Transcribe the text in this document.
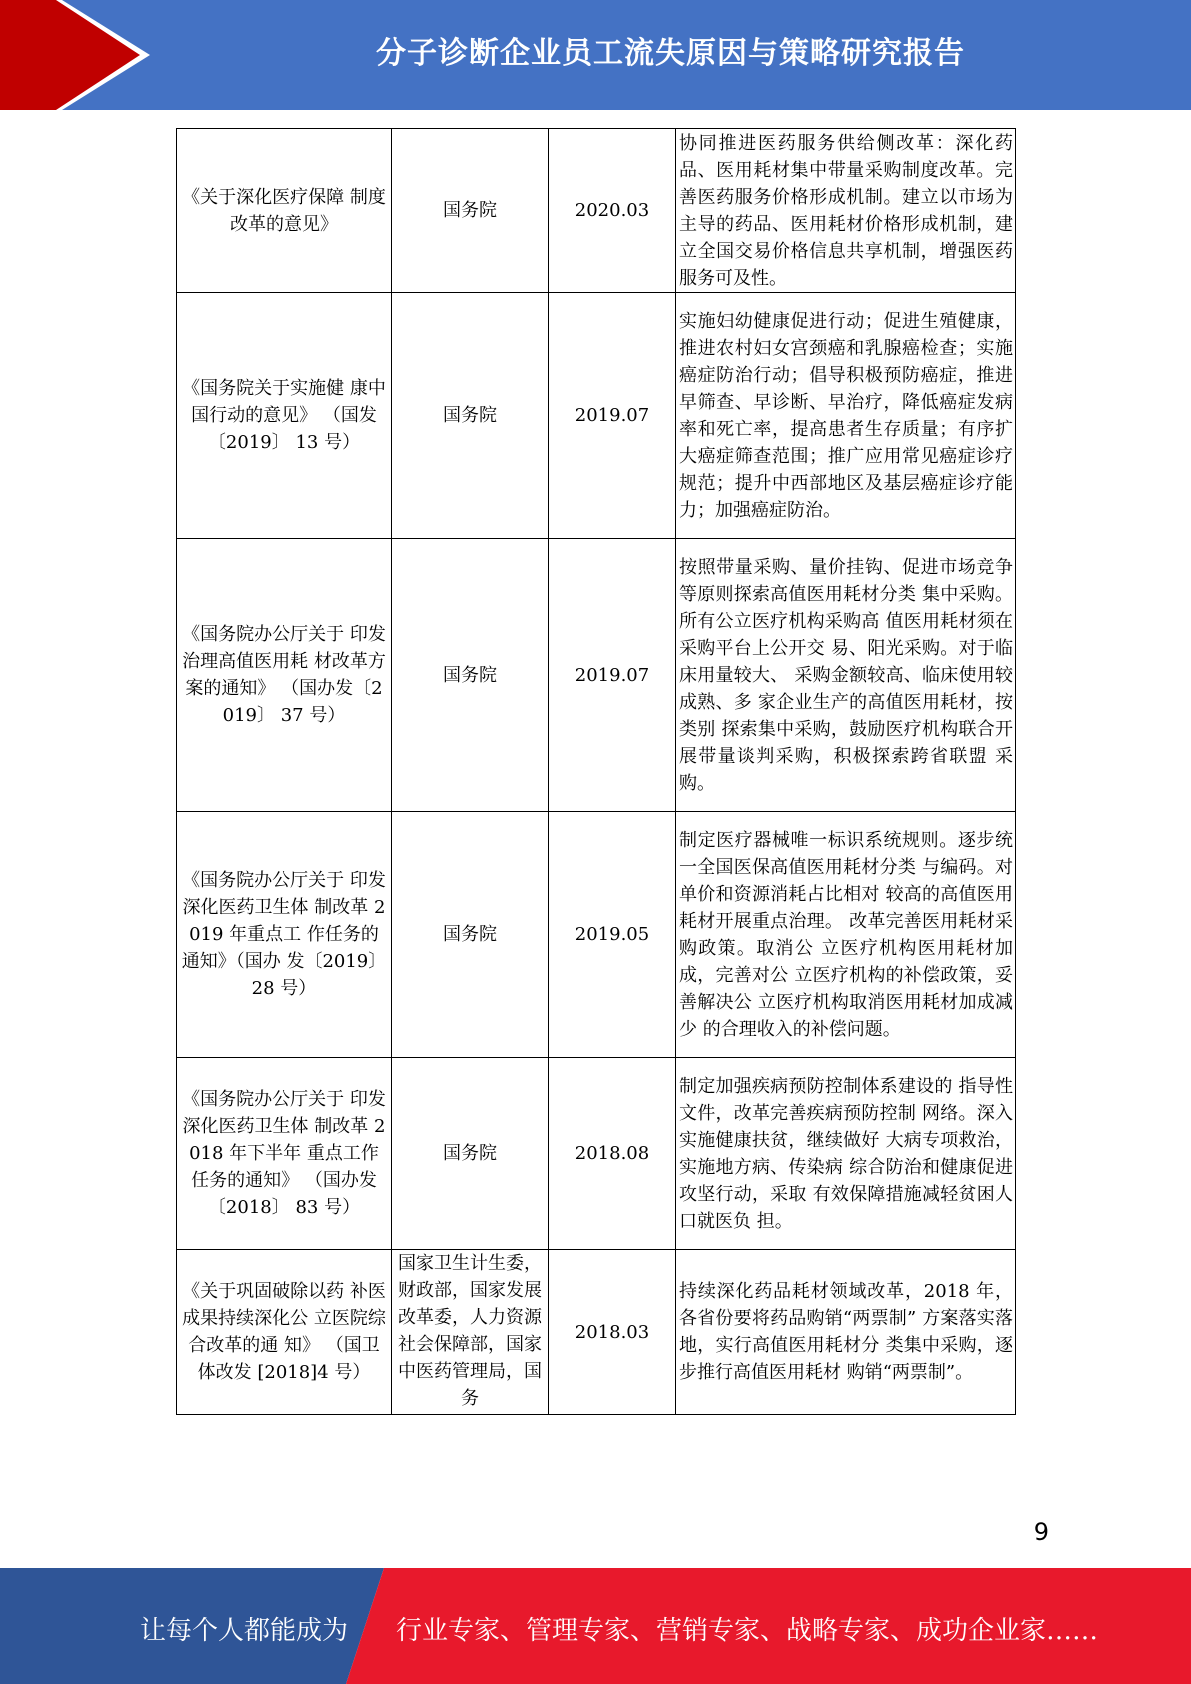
分子诊断企业员工流失原因与策略研究报告
《关于深化医疗保障 制度改革的意见》	国务院	2020.03	协同推进医药服务供给侧改革：深化药品、医用耗材集中带量采购制度改革。完善医药服务价格形成机制。建立以市场为主导的药品、医用耗材价格形成机制，建立全国交易价格信息共享机制，增强医药服务可及性。
《国务院关于实施健 康中国行动的意见》 （国发〔2019〕 13 号）	国务院	2019.07	实施妇幼健康促进行动；促进生殖健康，推进农村妇女宫颈癌和乳腺癌检查；实施癌症防治行动；倡导积极预防癌症，推进早筛查、早诊断、早治疗，降低癌症发病率和死亡率，提高患者生存质量；有序扩大癌症筛查范围；推广应用常见癌症诊疗规范；提升中西部地区及基层癌症诊疗能力；加强癌症防治。
《国务院办公厅关于 印发治理高值医用耗 材改革方案的通知》 （国办发〔2019〕 37 号）	国务院	2019.07	按照带量采购、量价挂钩、促进市场竞争等原则探索高值医用耗材分类 集中采购。所有公立医疗机构采购高 值医用耗材须在采购平台上公开交 易、阳光采购。对于临床用量较大、 采购金额较高、临床使用较成熟、多 家企业生产的高值医用耗材，按类别 探索集中采购，鼓励医疗机构联合开 展带量谈判采购，积极探索跨省联盟 采购。
《国务院办公厅关于 印发深化医药卫生体 制改革 2019 年重点工 作任务的通知》（国办 发〔2019〕 28 号）	国务院	2019.05	制定医疗器械唯一标识系统规则。逐步统一全国医保高值医用耗材分类 与编码。对单价和资源消耗占比相对 较高的高值医用耗材开展重点治理。 改革完善医用耗材采购政策。取消公 立医疗机构医用耗材加成，完善对公 立医疗机构的补偿政策，妥善解决公 立医疗机构取消医用耗材加成减少 的合理收入的补偿问题。
《国务院办公厅关于 印发深化医药卫生体 制改革 2018 年下半年 重点工作任务的通知》 （国办发〔2018〕 83 号）	国务院	2018.08	制定加强疾病预防控制体系建设的 指导性文件，改革完善疾病预防控制 网络。深入实施健康扶贫，继续做好 大病专项救治，实施地方病、传染病 综合防治和健康促进攻坚行动，采取 有效保障措施减轻贫困人口就医负 担。
《关于巩固破除以药 补医成果持续深化公 立医院综合改革的通 知》 （国卫体改发 [2018]4 号）	国家卫生计生委，财政部，国家发展改革委，人力资源社会保障部，国家中医药管理局，国务	2018.03	持续深化药品耗材领域改革，2018 年，各省份要将药品购销“两票制” 方案落实落地，实行高值医用耗材分 类集中采购，逐步推行高值医用耗材 购销“两票制”。
9
让每个人都能成为 行业专家、管理专家、营销专家、战略专家、成功企业家……
